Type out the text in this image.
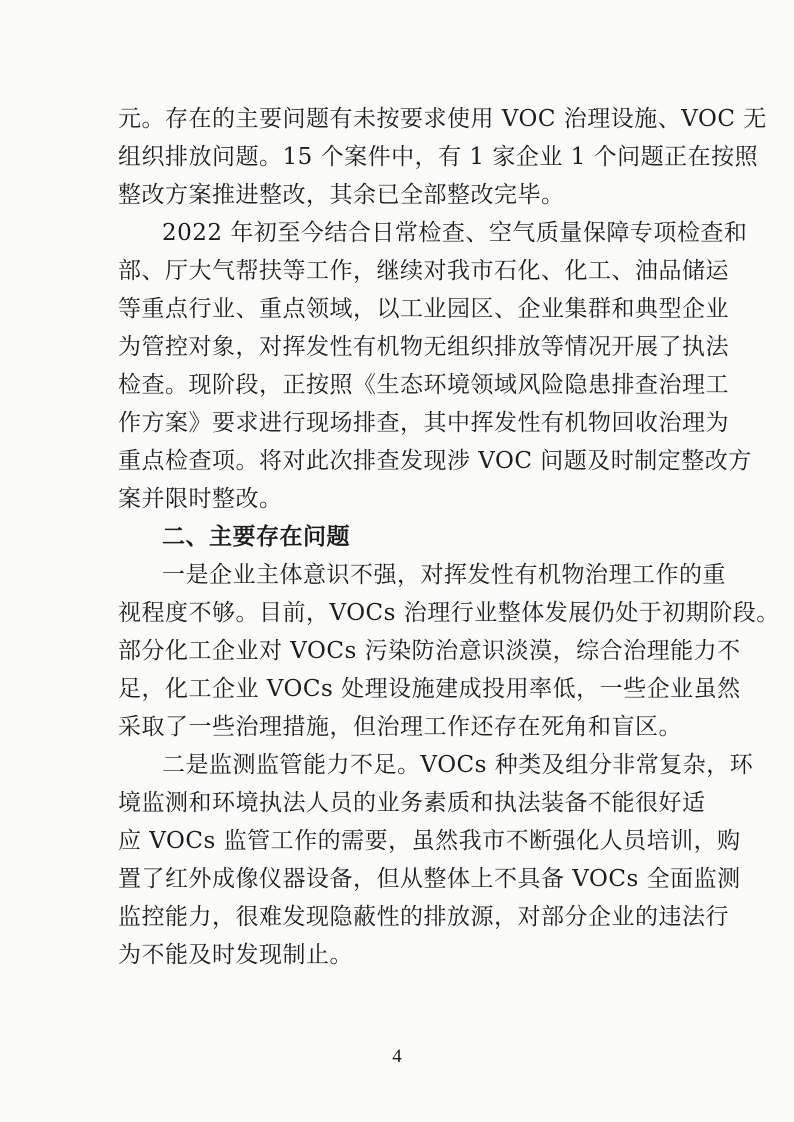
元。存在的主要问题有未按要求使用 VOC 治理设施、VOC 无
组织排放问题。15 个案件中，有 1 家企业 1 个问题正在按照
整改方案推进整改，其余已全部整改完毕。
2022 年初至今结合日常检查、空气质量保障专项检查和
部、厅大气帮扶等工作，继续对我市石化、化工、油品储运
等重点行业、重点领域，以工业园区、企业集群和典型企业
为管控对象，对挥发性有机物无组织排放等情况开展了执法
检查。现阶段，正按照《生态环境领域风险隐患排查治理工
作方案》要求进行现场排查，其中挥发性有机物回收治理为
重点检查项。将对此次排查发现涉 VOC 问题及时制定整改方
案并限时整改。
二、主要存在问题
一是企业主体意识不强，对挥发性有机物治理工作的重
视程度不够。目前，VOCs 治理行业整体发展仍处于初期阶段。
部分化工企业对 VOCs 污染防治意识淡漠，综合治理能力不
足，化工企业 VOCs 处理设施建成投用率低，一些企业虽然
采取了一些治理措施，但治理工作还存在死角和盲区。
二是监测监管能力不足。VOCs 种类及组分非常复杂，环
境监测和环境执法人员的业务素质和执法装备不能很好适
应 VOCs 监管工作的需要，虽然我市不断强化人员培训，购
置了红外成像仪器设备，但从整体上不具备 VOCs 全面监测
监控能力，很难发现隐蔽性的排放源，对部分企业的违法行
为不能及时发现制止。
4
